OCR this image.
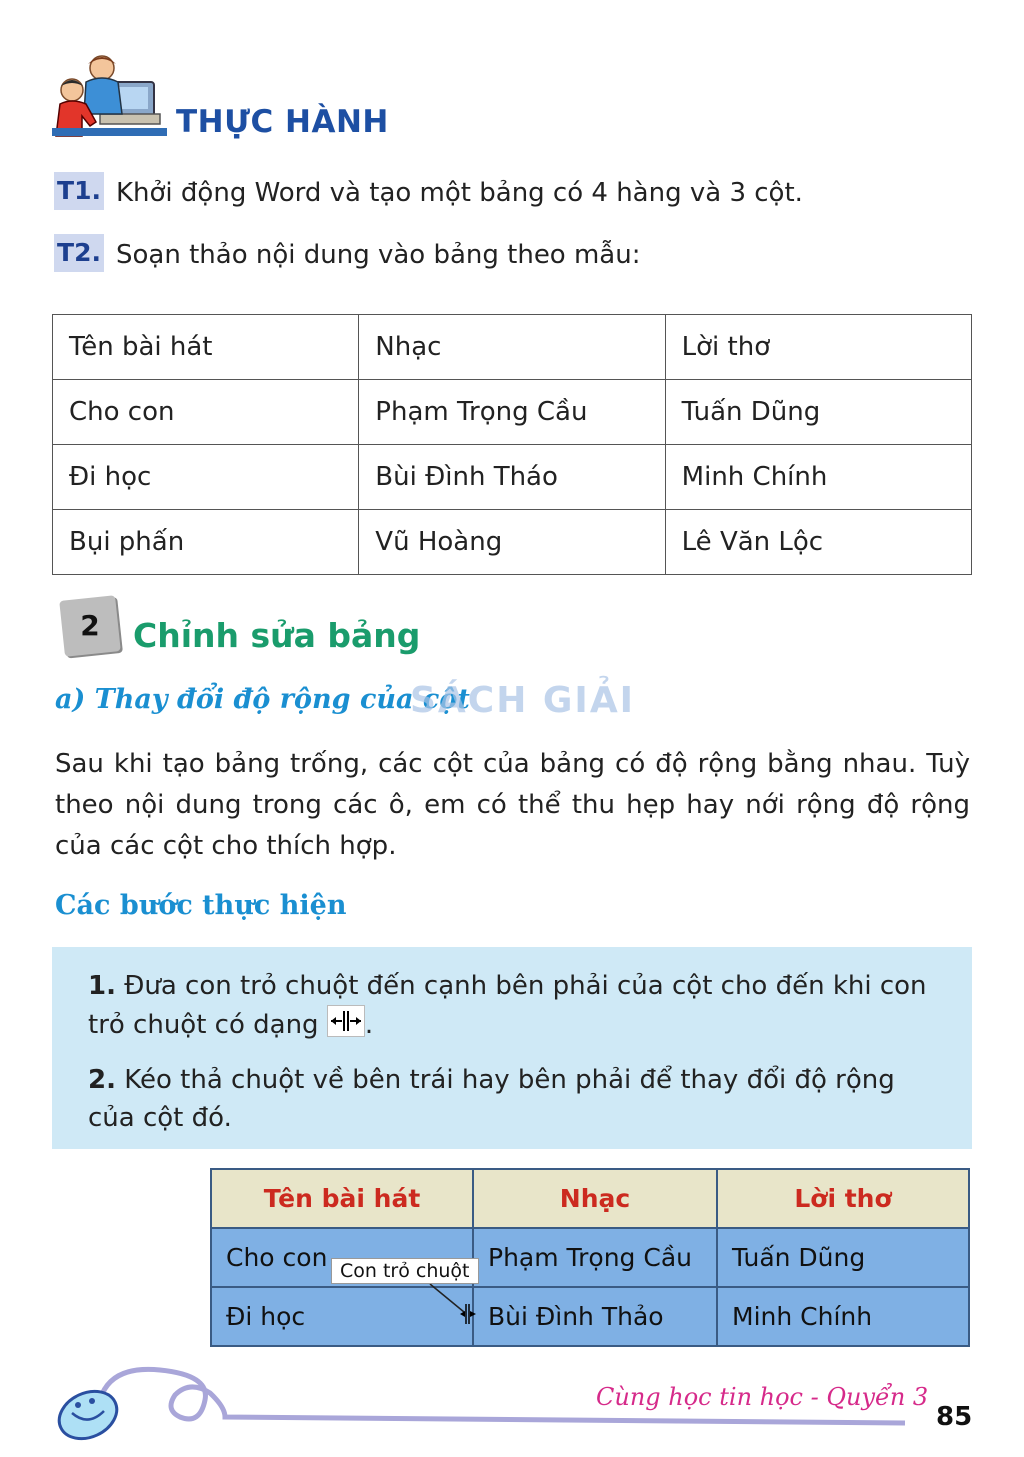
THỰC HÀNH
T1. Khởi động Word và tạo một bảng có 4 hàng và 3 cột.
T2. Soạn thảo nội dung vào bảng theo mẫu:
Tên bài hát	Nhạc	Lời thơ
Cho con	Phạm Trọng Cầu	Tuấn Dũng
Đi học	Bùi Đình Tháo	Minh Chính
Bụi phấn	Vũ Hoàng	Lê Văn Lộc
2	Chỉnh sửa bảng
a) Thay đổi độ rộng của cột
SÁCH GIẢI
Sau khi tạo bảng trống, các cột của bảng có độ rộng bằng nhau. Tuỳ theo nội dung trong các ô, em có thể thu hẹp hay nới rộng độ rộng của các cột cho thích hợp.
Các bước thực hiện
1. Đưa con trỏ chuột đến cạnh bên phải của cột cho đến khi con trỏ chuột có dạng
.
2. Kéo thả chuột về bên trái hay bên phải để thay đổi độ rộng của cột đó.
Tên bài hát	Nhạc	Lời thơ
Cho con	Phạm Trọng Cầu	Tuấn Dũng
Đi học	Bùi Đình Thảo	Minh Chính
Con trỏ chuột
Cùng học tin học - Quyển 3
85
